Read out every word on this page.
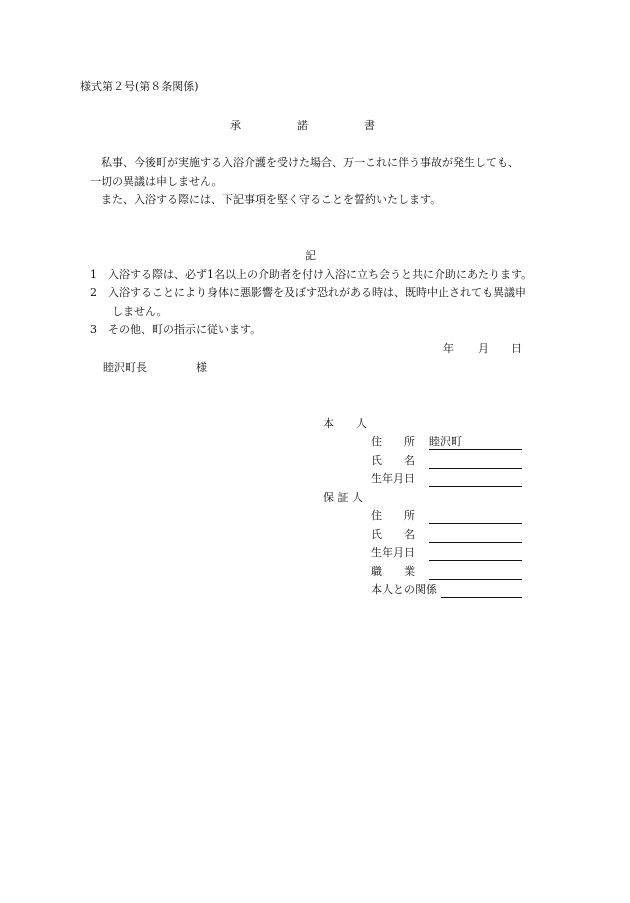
様式第２号(第８条関係)
承	諾	書
私事、今後町が実施する入浴介護を受けた場合、万一これに伴う事故が発生しても、
一切の異議は申しません。
また、入浴する際には、下記事項を堅く守ることを誓約いたします。
記
1 入浴する際は、必ず1名以上の介助者を付け入浴に立ち会うと共に介助にあたります。
2 入浴することにより身体に悪影響を及ぼす恐れがある時は、既時中止されても異議申
しません。
3 その他、町の指示に従います。
年 月 日
睦沢町長	様
本　　人
住　　所 睦沢町
氏　　名
生年月日
保 証 人
住　　所
氏　　名
生年月日
職　　業
本人との関係
